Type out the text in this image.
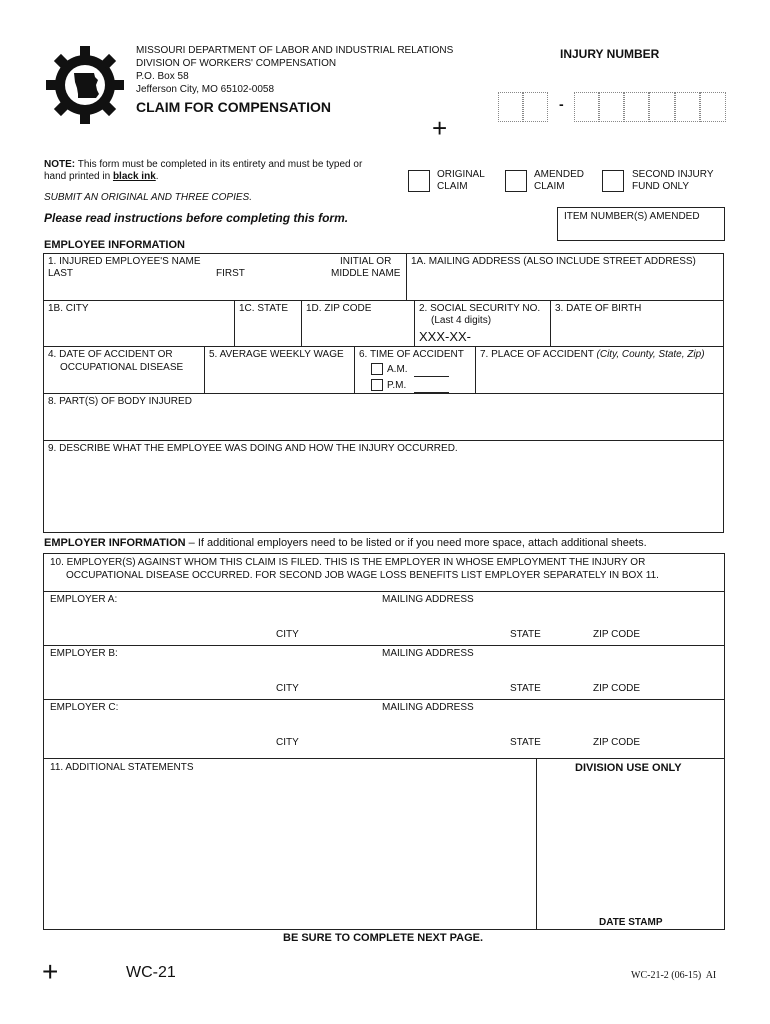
MISSOURI DEPARTMENT OF LABOR AND INDUSTRIAL RELATIONS
DIVISION OF WORKERS' COMPENSATION
P.O. Box 58
Jefferson City, MO 65102-0058
CLAIM FOR COMPENSATION
INJURY NUMBER
-
+
NOTE: This form must be completed in its entirety and must be typed or
hand printed in black ink.
SUBMIT AN ORIGINAL AND THREE COPIES.
Please read instructions before completing this form.
ORIGINAL
CLAIM
AMENDED
CLAIM
SECOND INJURY
FUND ONLY
ITEM NUMBER(S) AMENDED
EMPLOYEE INFORMATION
1. INJURED EMPLOYEE'S NAME
LAST	FIRST
INITIAL OR
MIDDLE NAME
1A. MAILING ADDRESS (ALSO INCLUDE STREET ADDRESS)
1B. CITY	1C. STATE 1D. ZIP CODE	2. SOCIAL SECURITY NO.
(Last 4 digits)
XXX-XX-
3. DATE OF BIRTH
4. DATE OF ACCIDENT OR
OCCUPATIONAL DISEASE
5. AVERAGE WEEKLY WAGE 6. TIME OF ACCIDENT
A.M.
P.M.
7. PLACE OF ACCIDENT (City, County, State, Zip)
8. PART(S) OF BODY INJURED
9. DESCRIBE WHAT THE EMPLOYEE WAS DOING AND HOW THE INJURY OCCURRED.
EMPLOYER INFORMATION – If additional employers need to be listed or if you need more space, attach additional sheets.
10. EMPLOYER(S) AGAINST WHOM THIS CLAIM IS FILED. THIS IS THE EMPLOYER IN WHOSE EMPLOYMENT THE INJURY OR
OCCUPATIONAL DISEASE OCCURRED. FOR SECOND JOB WAGE LOSS BENEFITS LIST EMPLOYER SEPARATELY IN BOX 11.
EMPLOYER A:	MAILING ADDRESS
CITY	STATE	ZIP CODE
EMPLOYER B:	MAILING ADDRESS
CITY	STATE	ZIP CODE
EMPLOYER C:	MAILING ADDRESS
CITY	STATE	ZIP CODE
11. ADDITIONAL STATEMENTS	DIVISION USE ONLY
DATE STAMP
BE SURE TO COMPLETE NEXT PAGE.
+	WC-21	WC-21-2 (06-15)  AI
